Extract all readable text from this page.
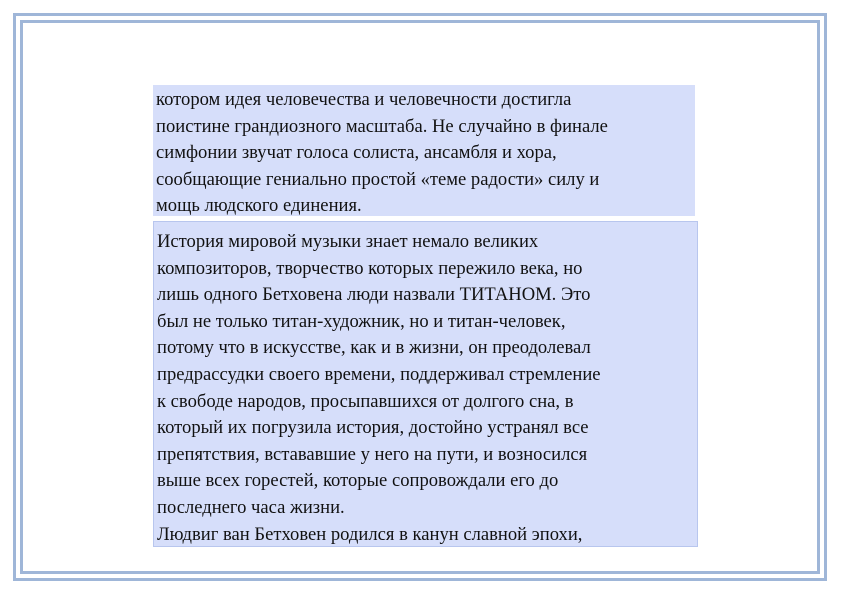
котором идея человечества и человечности достигла
поистине грандиозного масштаба. Не случайно в финале
симфонии звучат голоса солиста, ансамбля и хора,
сообщающие гениально простой «теме радости» силу и
мощь людского единения.
История мировой музыки знает немало великих
композиторов, творчество которых пережило века, но
лишь одного Бетховена люди назвали ТИТАНОМ. Это
был не только титан-художник, но и титан-человек,
потому что в искусстве, как и в жизни, он преодолевал
предрассудки своего времени, поддерживал стремление
к свободе народов, просыпавшихся от долгого сна, в
который их погрузила история, достойно устранял все
препятствия, встававшие у него на пути, и возносился
выше всех горестей, которые сопровождали его до
последнего часа жизни.
Людвиг ван Бетховен родился в канун славной эпохи,
